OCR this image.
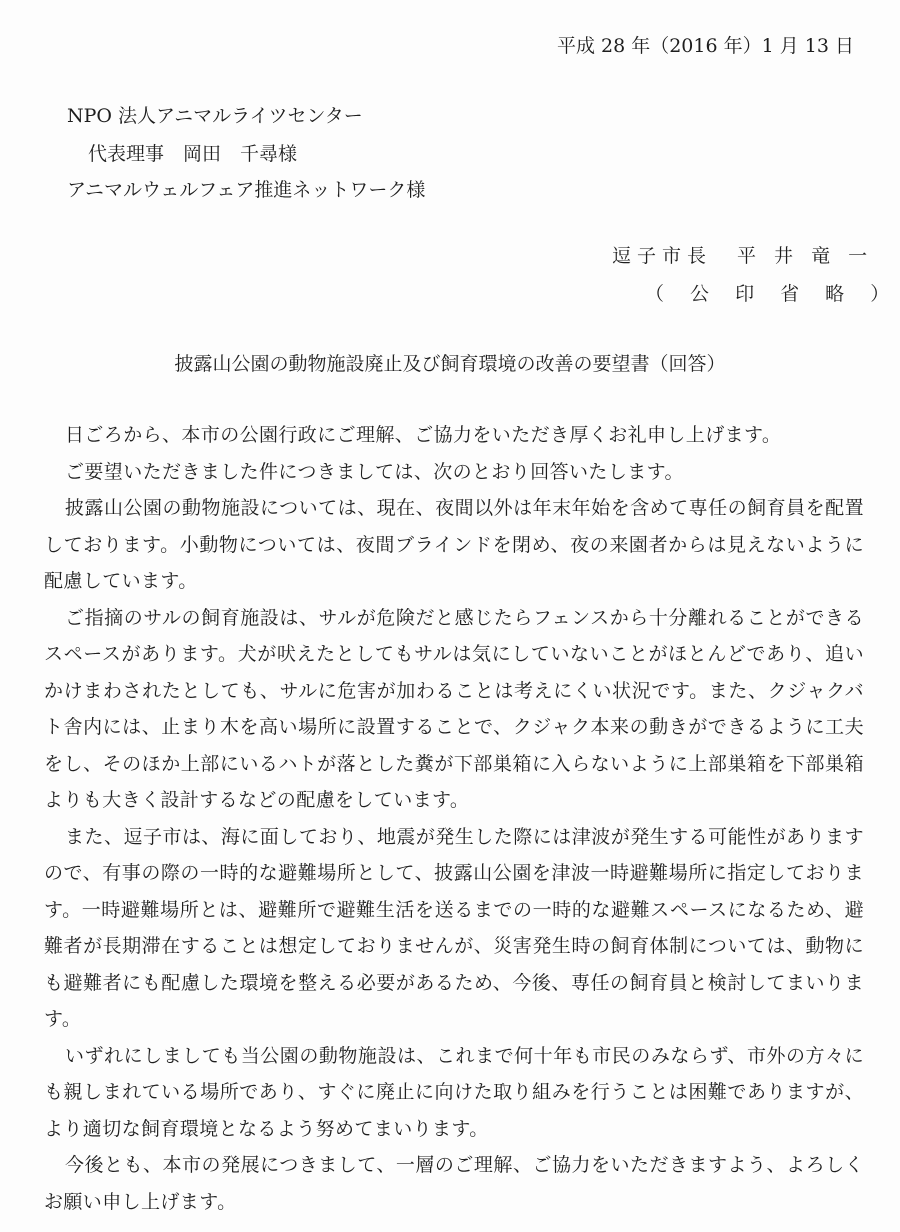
平成 28 年（2016 年）1 月 13 日
NPO 法人アニマルライツセンター
代表理事　岡田　千尋様
アニマルウェルフェア推進ネットワーク様
逗子市長　平 井 竜 一
（ 公 印 省 略 ）
披露山公園の動物施設廃止及び飼育環境の改善の要望書（回答）

日ごろから、本市の公園行政にご理解、ご協力をいただき厚くお礼申し上げます。

ご要望いただきました件につきましては、次のとおり回答いたします。

披露山公園の動物施設については、現在、夜間以外は年末年始を含めて専任の飼育員を配置しております。小動物については、夜間ブラインドを閉め、夜の来園者からは見えないように配慮しています。

ご指摘のサルの飼育施設は、サルが危険だと感じたらフェンスから十分離れることができるスペースがあります。犬が吠えたとしてもサルは気にしていないことがほとんどであり、追いかけまわされたとしても、サルに危害が加わることは考えにくい状況です。また、クジャクバト舎内には、止まり木を高い場所に設置することで、クジャク本来の動きができるように工夫をし、そのほか上部にいるハトが落とした糞が下部巣箱に入らないように上部巣箱を下部巣箱よりも大きく設計するなどの配慮をしています。

また、逗子市は、海に面しており、地震が発生した際には津波が発生する可能性がありますので、有事の際の一時的な避難場所として、披露山公園を津波一時避難場所に指定しております。一時避難場所とは、避難所で避難生活を送るまでの一時的な避難スペースになるため、避難者が長期滞在することは想定しておりませんが、災害発生時の飼育体制については、動物にも避難者にも配慮した環境を整える必要があるため、今後、専任の飼育員と検討してまいります。

いずれにしましても当公園の動物施設は、これまで何十年も市民のみならず、市外の方々にも親しまれている場所であり、すぐに廃止に向けた取り組みを行うことは困難でありますが、より適切な飼育環境となるよう努めてまいります。

今後とも、本市の発展につきまして、一層のご理解、ご協力をいただきますよう、よろしくお願い申し上げます。
